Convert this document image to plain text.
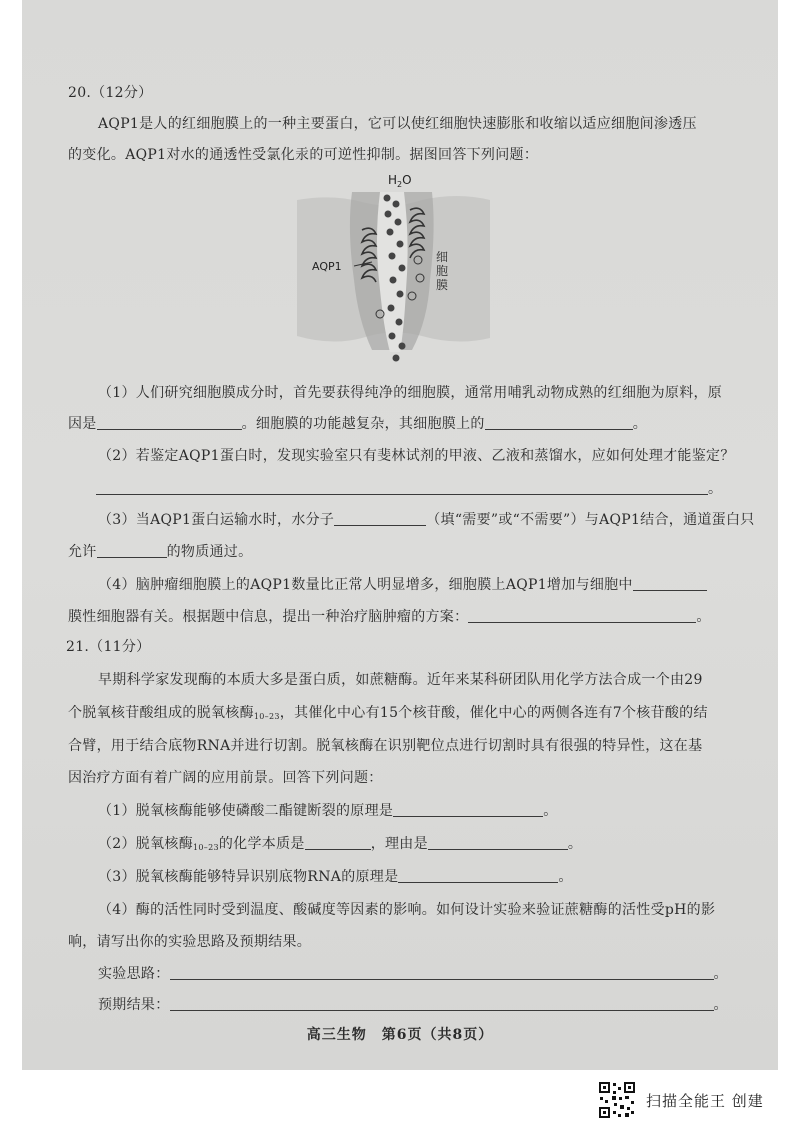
20.（12分）
AQP1是人的红细胞膜上的一种主要蛋白，它可以使红细胞快速膨胀和收缩以适应细胞间渗透压
的变化。AQP1对水的通透性受氯化汞的可逆性抑制。据图回答下列问题：
$H_2O$
AQP1
细胞膜
（1）人们研究细胞膜成分时，首先要获得纯净的细胞膜，通常用哺乳动物成熟的红细胞为原料，原
因是	。细胞膜的功能越复杂，其细胞膜上的	。
（2）若鉴定AQP1蛋白时，发现实验室只有斐林试剂的甲液、乙液和蒸馏水，应如何处理才能鉴定？
。
（3）当AQP1蛋白运输水时，水分子	（填“需要”或“不需要”）与AQP1结合，通道蛋白只
允许	的物质通过。
（4）脑肿瘤细胞膜上的AQP1数量比正常人明显增多，细胞膜上AQP1增加与细胞中
膜性细胞器有关。根据题中信息，提出一种治疗脑肿瘤的方案：	。
21.（11分）
早期科学家发现酶的本质大多是蛋白质，如蔗糖酶。近年来某科研团队用化学方法合成一个由29
个脱氧核苷酸组成的脱氧核酶$_{10-23}$，其催化中心有15个核苷酸，催化中心的两侧各连有7个核苷酸的结
合臂，用于结合底物RNA并进行切割。脱氧核酶在识别靶位点进行切割时具有很强的特异性，这在基
因治疗方面有着广阔的应用前景。回答下列问题：
（1）脱氧核酶能够使磷酸二酯键断裂的原理是	。
（2）脱氧核酶$_{10-23}$的化学本质是	，理由是	。
（3）脱氧核酶能够特异识别底物RNA的原理是	。
（4）酶的活性同时受到温度、酸碱度等因素的影响。如何设计实验来验证蔗糖酶的活性受pH的影
响，请写出你的实验思路及预期结果。
实验思路：	。
预期结果：	。
高三生物　第6页（共8页）
扫描全能王 创建
